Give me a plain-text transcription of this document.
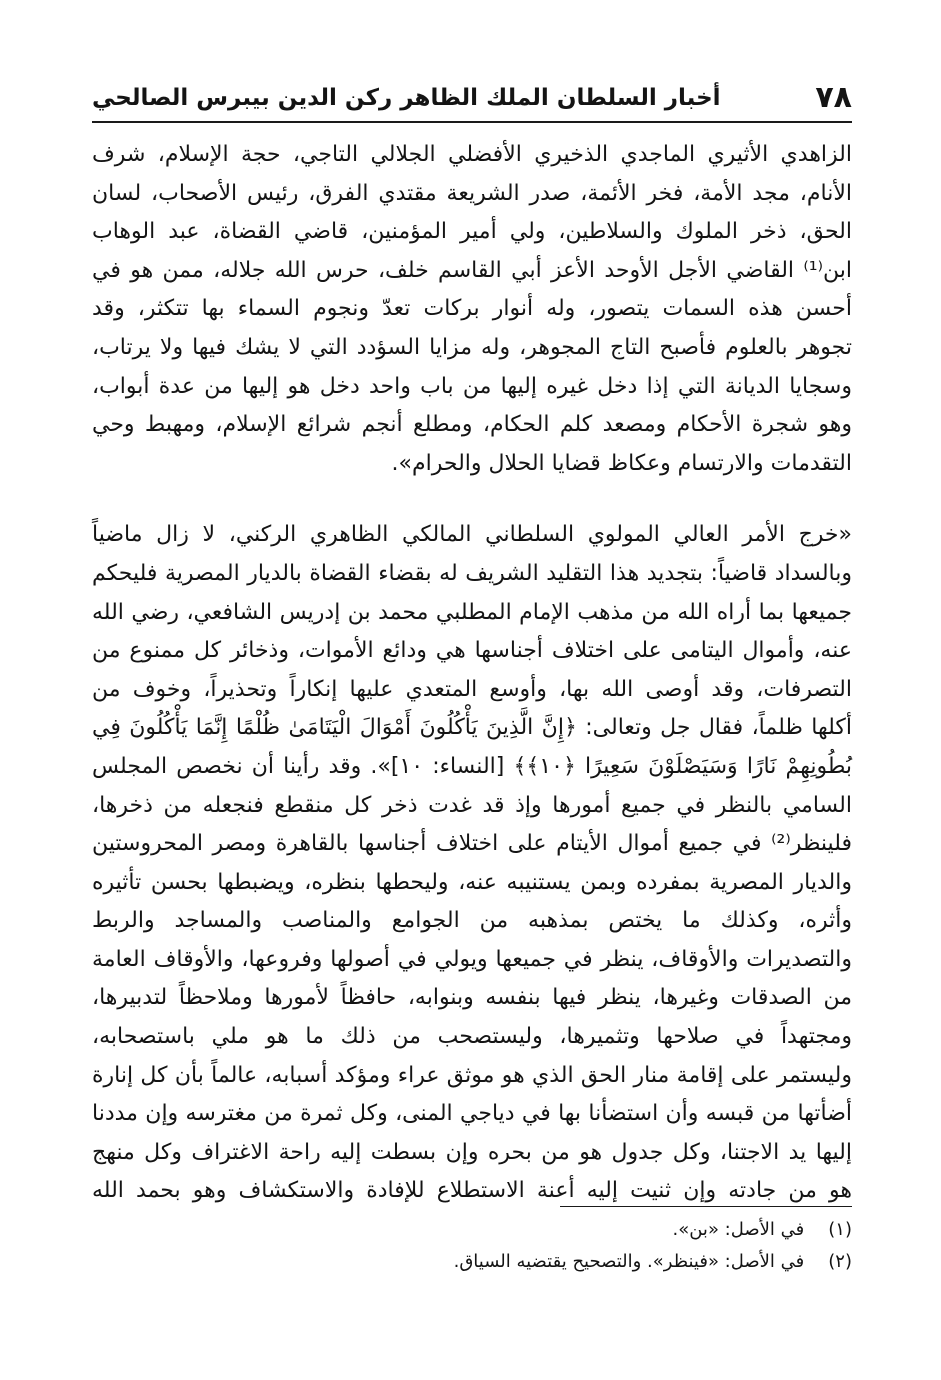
٧٨
أخبار السلطان الملك الظاهر ركن الدين بيبرس الصالحي
الزاهدي الأثيري الماجدي الذخيري الأفضلي الجلالي التاجي، حجة الإسلام، شرف
الأنام، مجد الأمة، فخر الأئمة، صدر الشريعة مقتدي الفرق، رئيس الأصحاب، لسان
الحق، ذخر الملوك والسلاطين، ولي أمير المؤمنين، قاضي القضاة، عبد الوهاب
ابن⁽¹⁾ القاضي الأجل الأوحد الأعز أبي القاسم خلف، حرس الله جلاله، ممن هو في
أحسن هذه السمات يتصور، وله أنوار بركات تعدّ ونجوم السماء بها تتكثر، وقد
تجوهر بالعلوم فأصبح التاج المجوهر، وله مزايا السؤدد التي لا يشك فيها ولا يرتاب،
وسجايا الديانة التي إذا دخل غيره إليها من باب واحد دخل هو إليها من عدة أبواب،
وهو شجرة الأحكام ومصعد كلم الحكام، ومطلع أنجم شرائع الإسلام، ومهبط وحي
التقدمات والارتسام وعكاظ قضايا الحلال والحرام».
«خرج الأمر العالي المولوي السلطاني المالكي الظاهري الركني، لا زال ماضياً
وبالسداد قاضياً: بتجديد هذا التقليد الشريف له بقضاء القضاة بالديار المصرية فليحكم
جميعها بما أراه الله من مذهب الإمام المطلبي محمد بن إدريس الشافعي، رضي الله
عنه، وأموال اليتامى على اختلاف أجناسها هي ودائع الأموات، وذخائر كل ممنوع من
التصرفات، وقد أوصى الله بها، وأوسع المتعدي عليها إنكاراً وتحذيراً، وخوف من
أكلها ظلماً، فقال جل وتعالى: ﴿إِنَّ الَّذِينَ يَأْكُلُونَ أَمْوَالَ الْيَتَامَىٰ ظُلْمًا إِنَّمَا يَأْكُلُونَ فِي
بُطُونِهِمْ نَارًا وَسَيَصْلَوْنَ سَعِيرًا ﴿١٠﴾﴾ [النساء: ١٠]». وقد رأينا أن نخصص المجلس
السامي بالنظر في جميع أمورها وإذ قد غدت ذخر كل منقطع فنجعله من ذخرها،
فلينظر⁽²⁾ في جميع أموال الأيتام على اختلاف أجناسها بالقاهرة ومصر المحروستين
والديار المصرية بمفرده وبمن يستنيبه عنه، وليحطها بنظره، ويضبطها بحسن تأثيره
وأثره، وكذلك ما يختص بمذهبه من الجوامع والمناصب والمساجد والربط
والتصديرات والأوقاف، ينظر في جميعها ويولي في أصولها وفروعها، والأوقاف العامة
من الصدقات وغيرها، ينظر فيها بنفسه وبنوابه، حافظاً لأمورها وملاحظاً لتدبيرها،
ومجتهداً في صلاحها وتثميرها، وليستصحب من ذلك ما هو ملي باستصحابه،
وليستمر على إقامة منار الحق الذي هو موثق عراء ومؤكد أسبابه، عالماً بأن كل إنارة
أضأتها من قبسه وأن استضأنا بها في دياجي المنى، وكل ثمرة من مغترسه وإن مددنا
إليها يد الاجتنا، وكل جدول هو من بحره وإن بسطت إليه راحة الاغتراف وكل منهج
هو من جادته وإن ثنيت إليه أعنة الاستطلاع للإفادة والاستكشاف وهو بحمد الله
(١) في الأصل: «بن».
(٢) في الأصل: «فينظر». والتصحيح يقتضيه السياق.
